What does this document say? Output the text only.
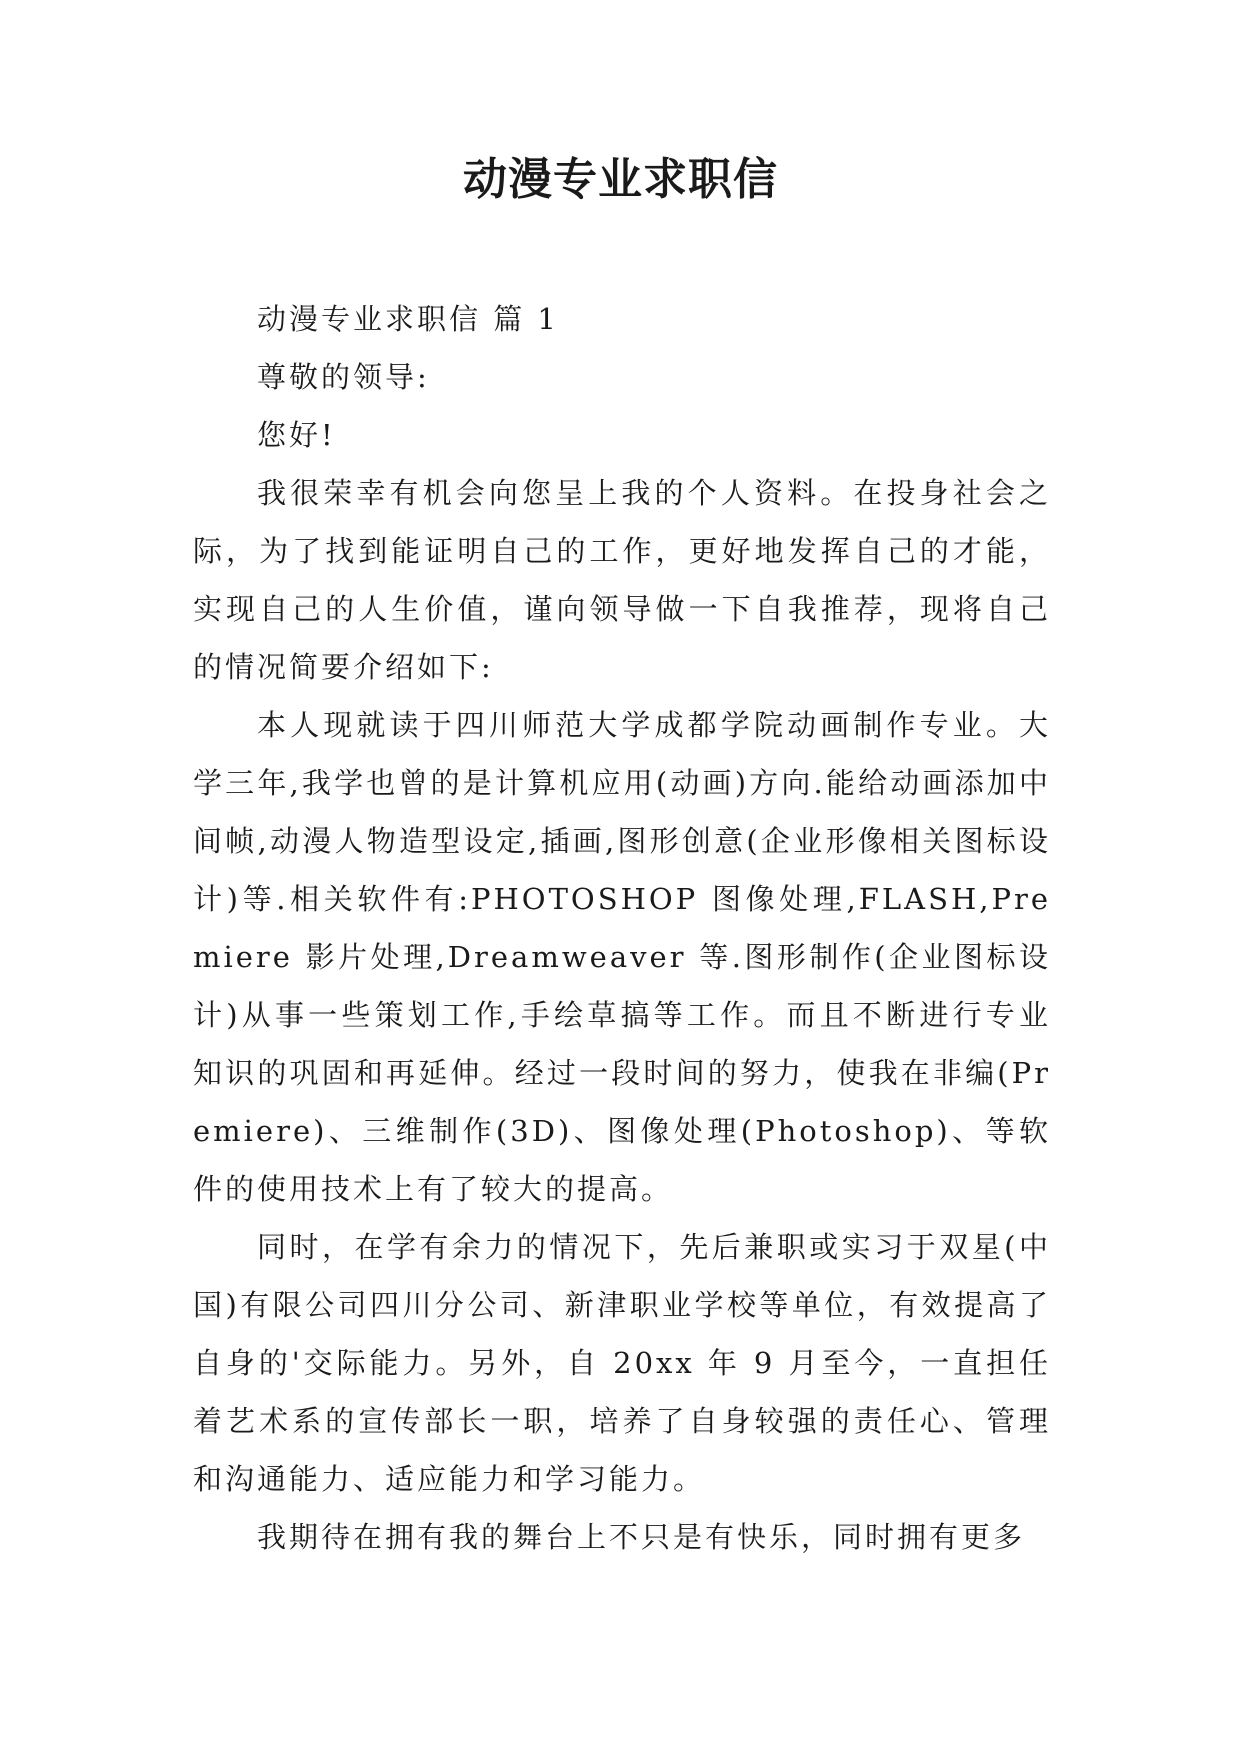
动漫专业求职信

动漫专业求职信 篇 1

尊敬的领导:

您好!

我很荣幸有机会向您呈上我的个人资料。在投身社会之际，为了找到能证明自己的工作，更好地发挥自己的才能，实现自己的人生价值，谨向领导做一下自我推荐，现将自己的情况简要介绍如下:

本人现就读于四川师范大学成都学院动画制作专业。大学三年,我学也曾的是计算机应用(动画)方向.能给动画添加中间帧,动漫人物造型设定,插画,图形创意(企业形像相关图标设计)等.相关软件有:PHOTOSHOP 图像处理,FLASH,Premiere 影片处理,Dreamweaver 等.图形制作(企业图标设计)从事一些策划工作,手绘草搞等工作。而且不断进行专业知识的巩固和再延伸。经过一段时间的努力，使我在非编(Premiere)、三维制作(3D)、图像处理(Photoshop)、等软件的使用技术上有了较大的提高。

同时，在学有余力的情况下，先后兼职或实习于双星(中国)有限公司四川分公司、新津职业学校等单位，有效提高了自身的'交际能力。另外，自 20xx 年 9 月至今，一直担任着艺术系的宣传部长一职，培养了自身较强的责任心、管理和沟通能力、适应能力和学习能力。

我期待在拥有我的舞台上不只是有快乐，同时拥有更多
